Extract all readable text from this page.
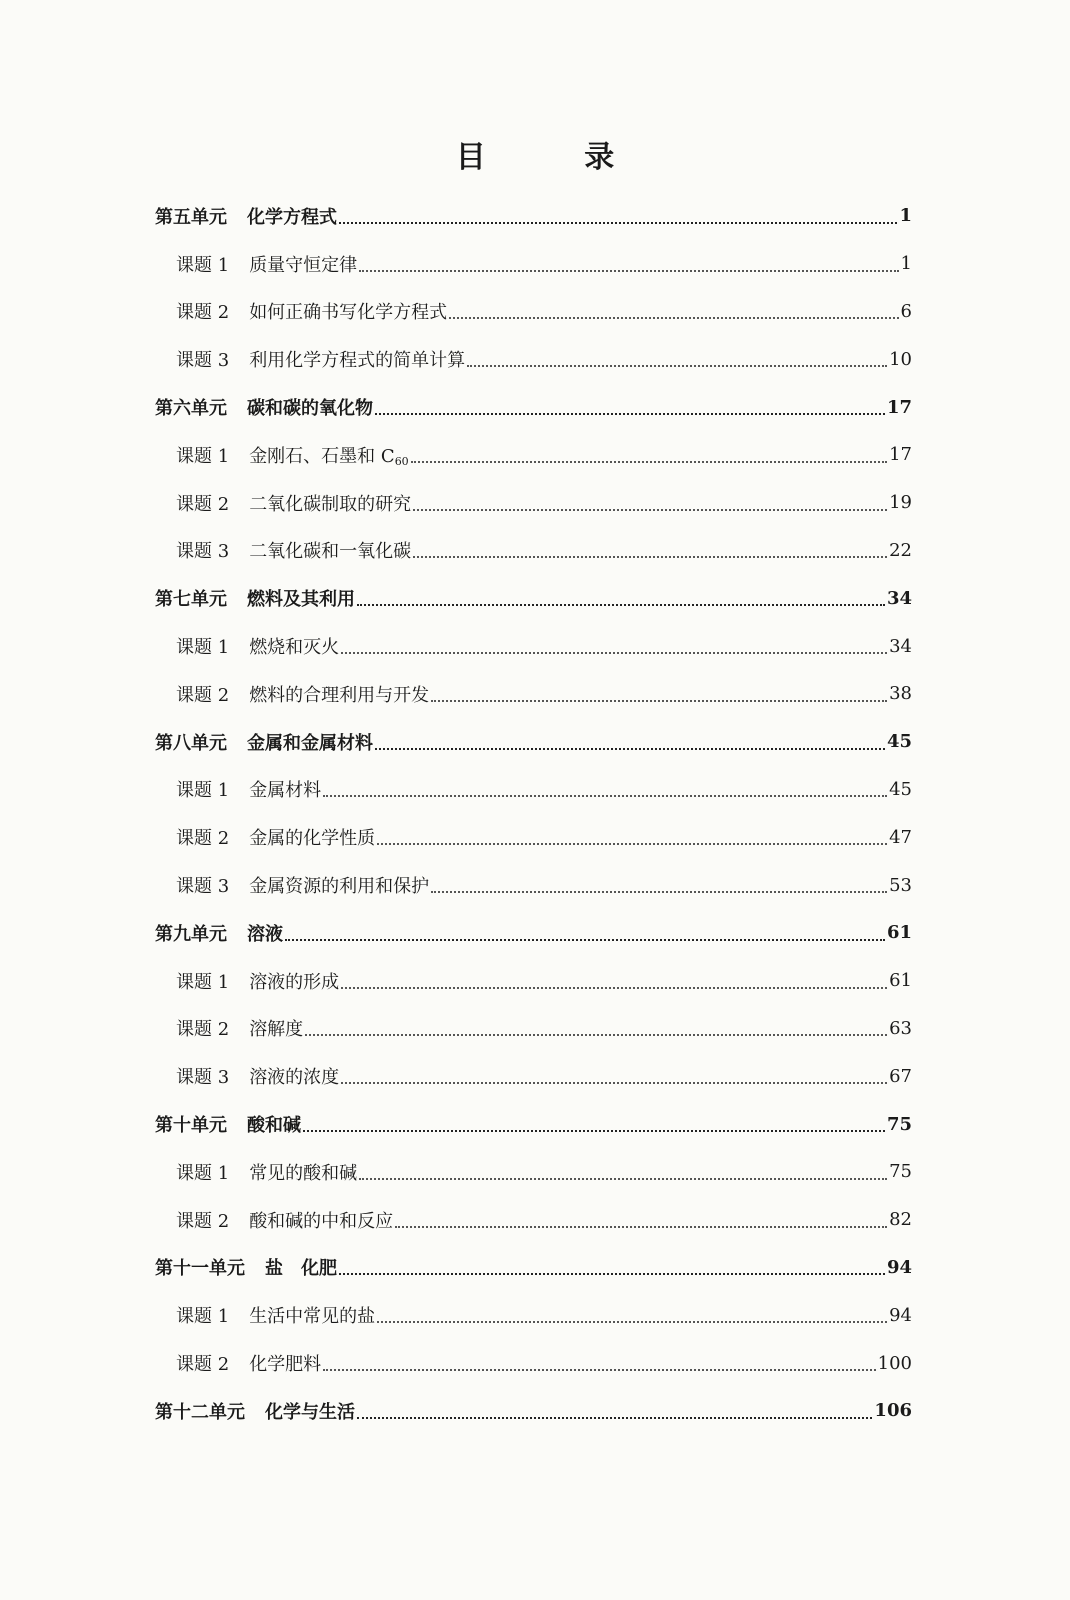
目 录
第五单元 化学方程式	1
课题 1 质量守恒定律	1
课题 2 如何正确书写化学方程式	6
课题 3 利用化学方程式的简单计算	10
第六单元 碳和碳的氧化物	17
课题 1 金刚石、石墨和 $C_{60}$	17
课题 2 二氧化碳制取的研究	19
课题 3 二氧化碳和一氧化碳	22
第七单元 燃料及其利用	34
课题 1 燃烧和灭火	34
课题 2 燃料的合理利用与开发	38
第八单元 金属和金属材料	45
课题 1 金属材料	45
课题 2 金属的化学性质	47
课题 3 金属资源的利用和保护	53
第九单元 溶液	61
课题 1 溶液的形成	61
课题 2 溶解度	63
课题 3 溶液的浓度	67
第十单元 酸和碱	75
课题 1 常见的酸和碱	75
课题 2 酸和碱的中和反应	82
第十一单元 盐　化肥	94
课题 1 生活中常见的盐	94
课题 2 化学肥料	100
第十二单元 化学与生活	106
